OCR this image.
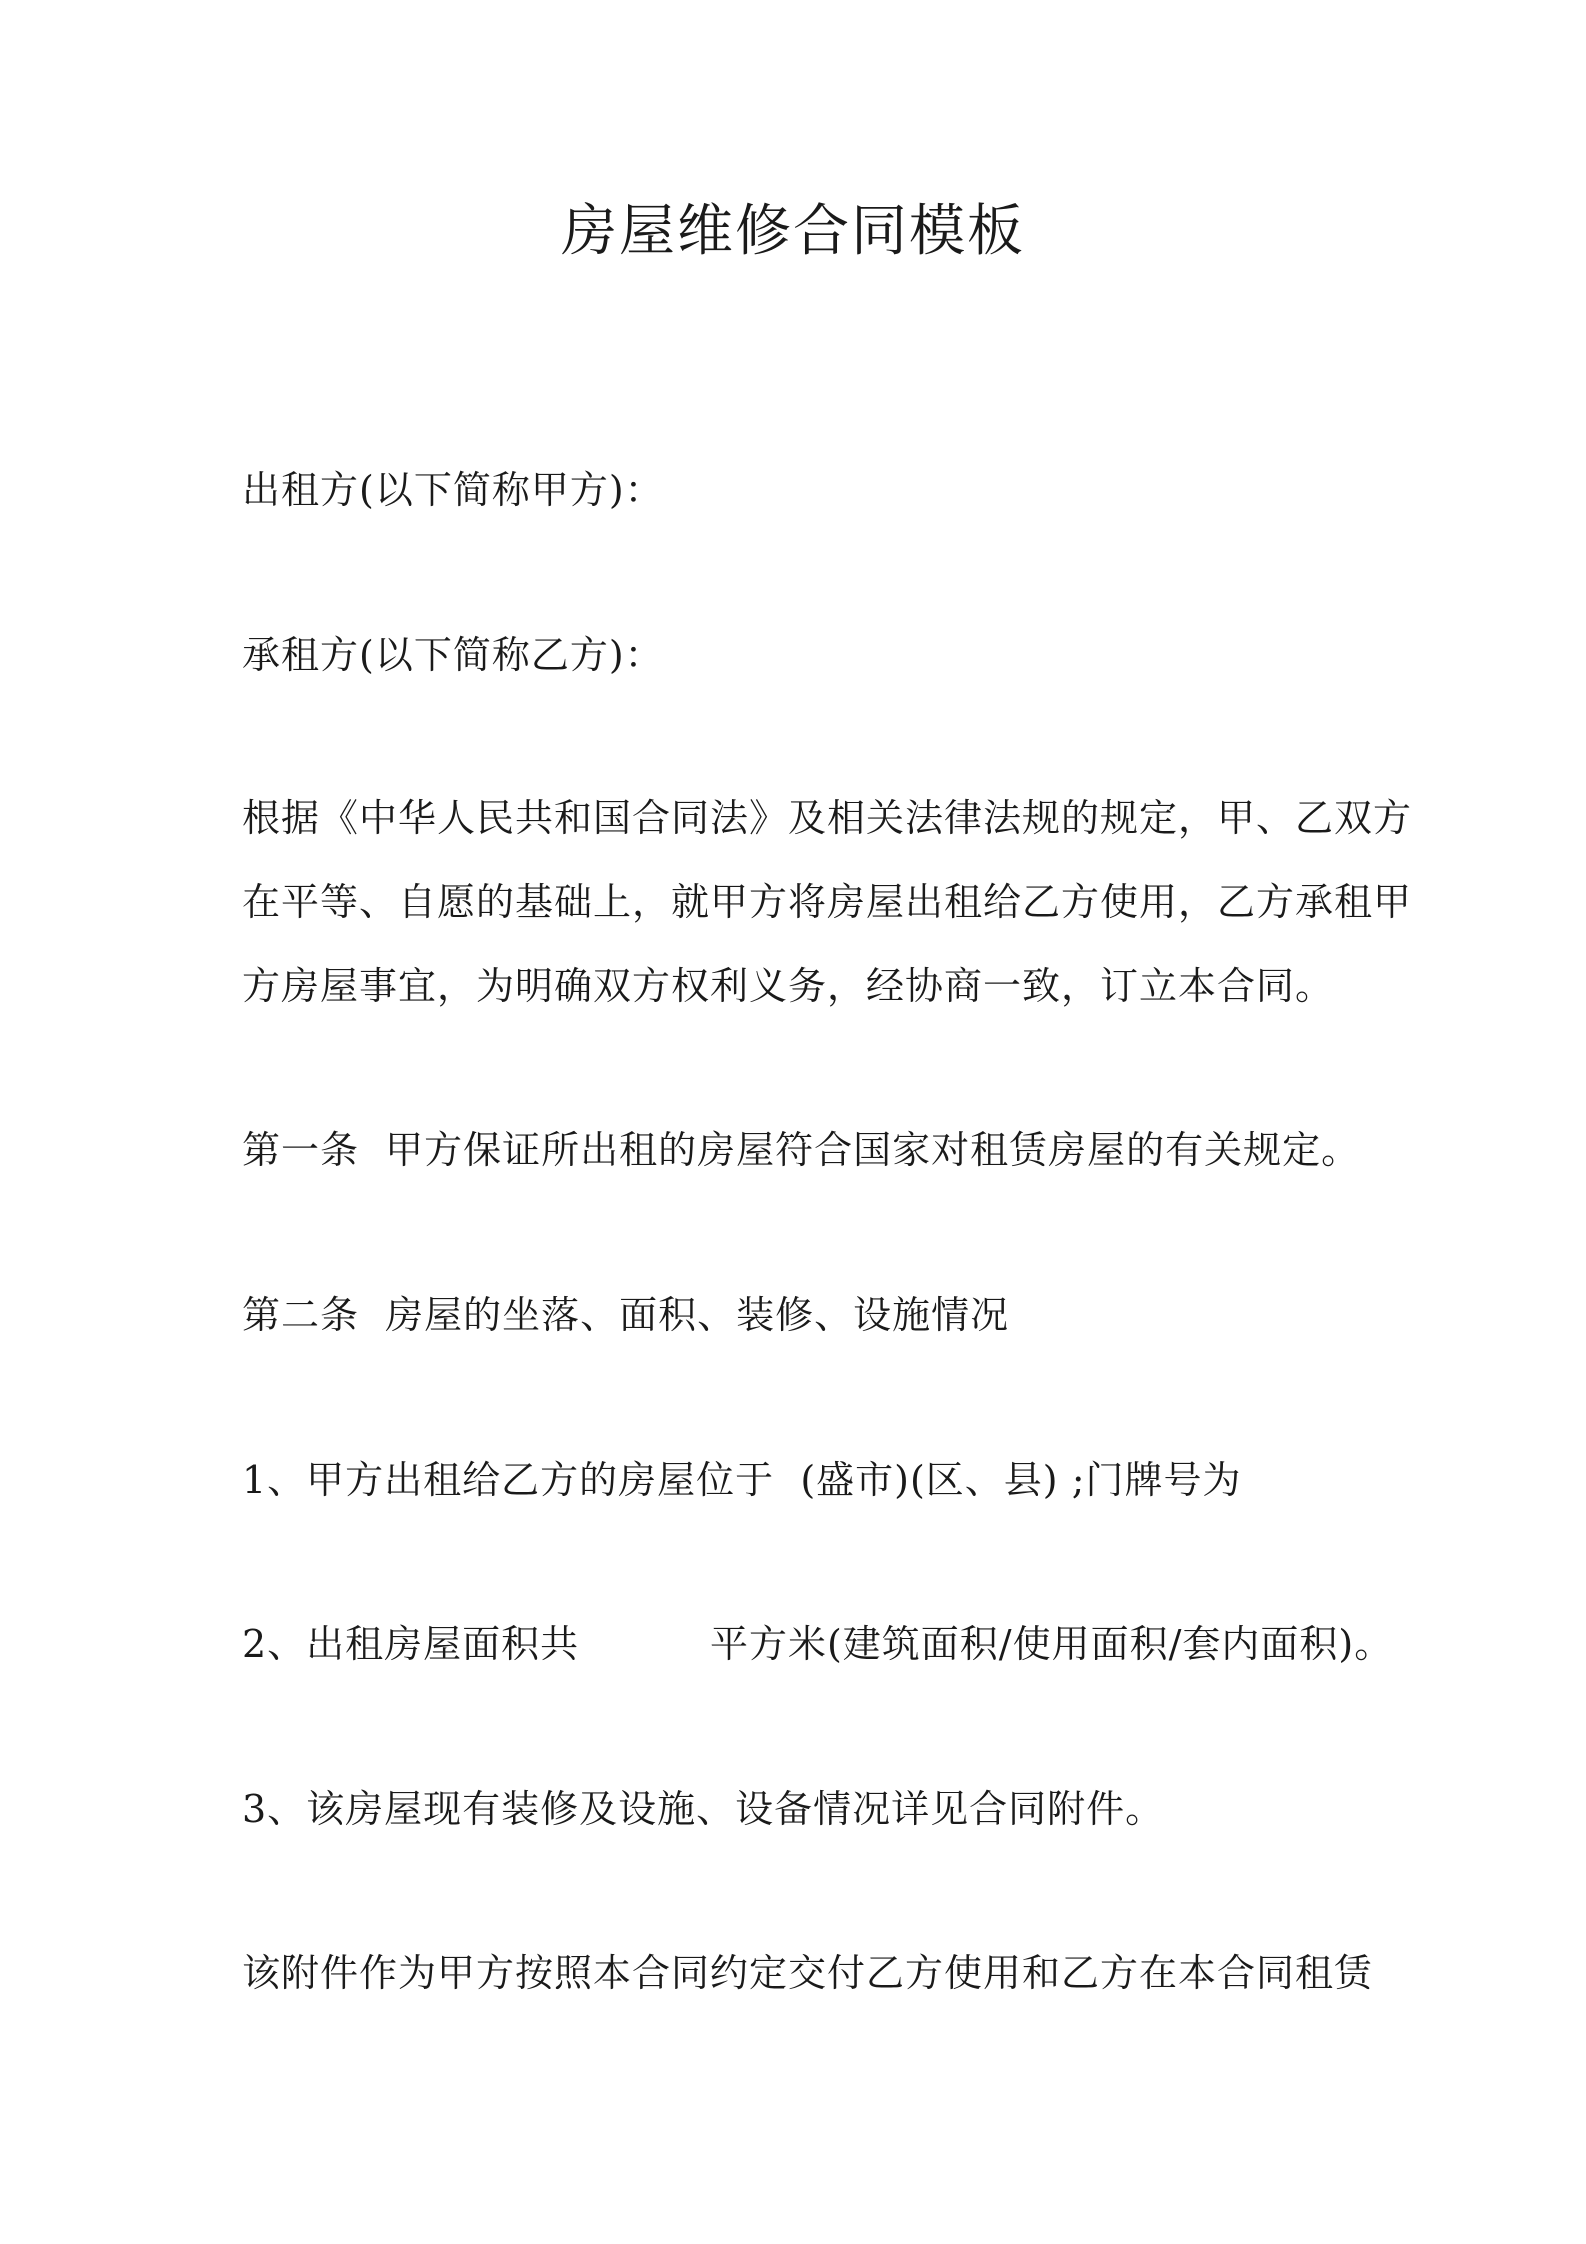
房屋维修合同模板
出租方(以下简称甲方)：
承租方(以下简称乙方)：
根据《中华人民共和国合同法》及相关法律法规的规定，甲、乙双方
在平等、自愿的基础上，就甲方将房屋出租给乙方使用，乙方承租甲
方房屋事宜，为明确双方权利义务，经协商一致，订立本合同。
第一条  甲方保证所出租的房屋符合国家对租赁房屋的有关规定。
第二条  房屋的坐落、面积、装修、设施情况
1、甲方出租给乙方的房屋位于  (盛市)(区、县) ;门牌号为
2、出租房屋面积共          平方米(建筑面积/使用面积/套内面积)。
3、该房屋现有装修及设施、设备情况详见合同附件。
该附件作为甲方按照本合同约定交付乙方使用和乙方在本合同租赁
